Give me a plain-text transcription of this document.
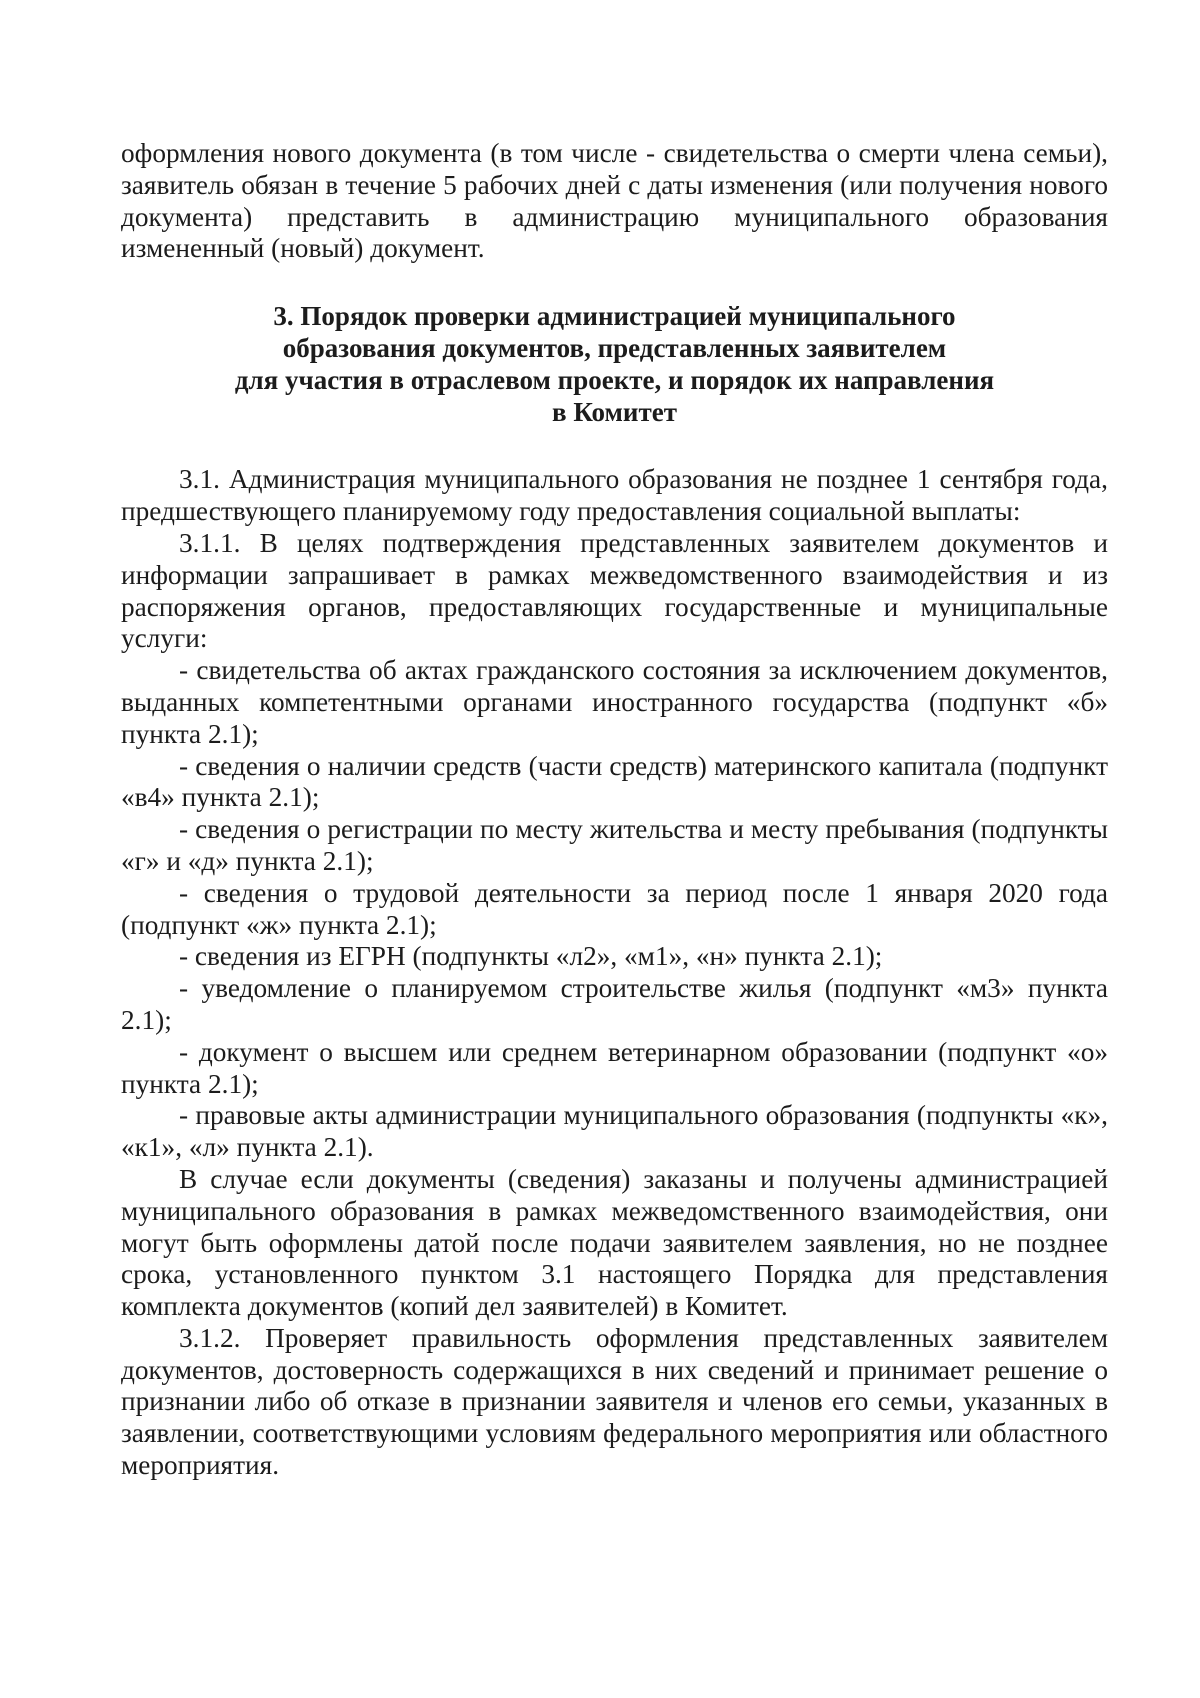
оформления нового документа (в том числе - свидетельства о смерти члена семьи), заявитель обязан в течение 5 рабочих дней с даты изменения (или получения нового документа) представить в администрацию муниципального образования измененный (новый) документ.

3. Порядок проверки администрацией муниципального
образования документов, представленных заявителем
для участия в отраслевом проекте, и порядок их направления
в Комитет

3.1. Администрация муниципального образования не позднее 1 сентября года, предшествующего планируемому году предоставления социальной выплаты:

3.1.1. В целях подтверждения представленных заявителем документов и информации запрашивает в рамках межведомственного взаимодействия и из распоряжения органов, предоставляющих государственные и муниципальные услуги:

- свидетельства об актах гражданского состояния за исключением документов, выданных компетентными органами иностранного государства (подпункт «б» пункта 2.1);

- сведения о наличии средств (части средств) материнского капитала (подпункт «в4» пункта 2.1);

- сведения о регистрации по месту жительства и месту пребывания (подпункты «г» и «д» пункта 2.1);

- сведения о трудовой деятельности за период после 1 января 2020 года (подпункт «ж» пункта 2.1);

- сведения из ЕГРН (подпункты «л2», «м1», «н» пункта 2.1);

- уведомление о планируемом строительстве жилья (подпункт «м3» пункта 2.1);

- документ о высшем или среднем ветеринарном образовании (подпункт «о» пункта 2.1);

- правовые акты администрации муниципального образования (подпункты «к», «к1», «л» пункта 2.1).

В случае если документы (сведения) заказаны и получены администрацией муниципального образования в рамках межведомственного взаимодействия, они могут быть оформлены датой после подачи заявителем заявления, но не позднее срока, установленного пунктом 3.1 настоящего Порядка для представления комплекта документов (копий дел заявителей) в Комитет.

3.1.2. Проверяет правильность оформления представленных заявителем документов, достоверность содержащихся в них сведений и принимает решение о признании либо об отказе в признании заявителя и членов его семьи, указанных в заявлении, соответствующими условиям федерального мероприятия или областного мероприятия.
